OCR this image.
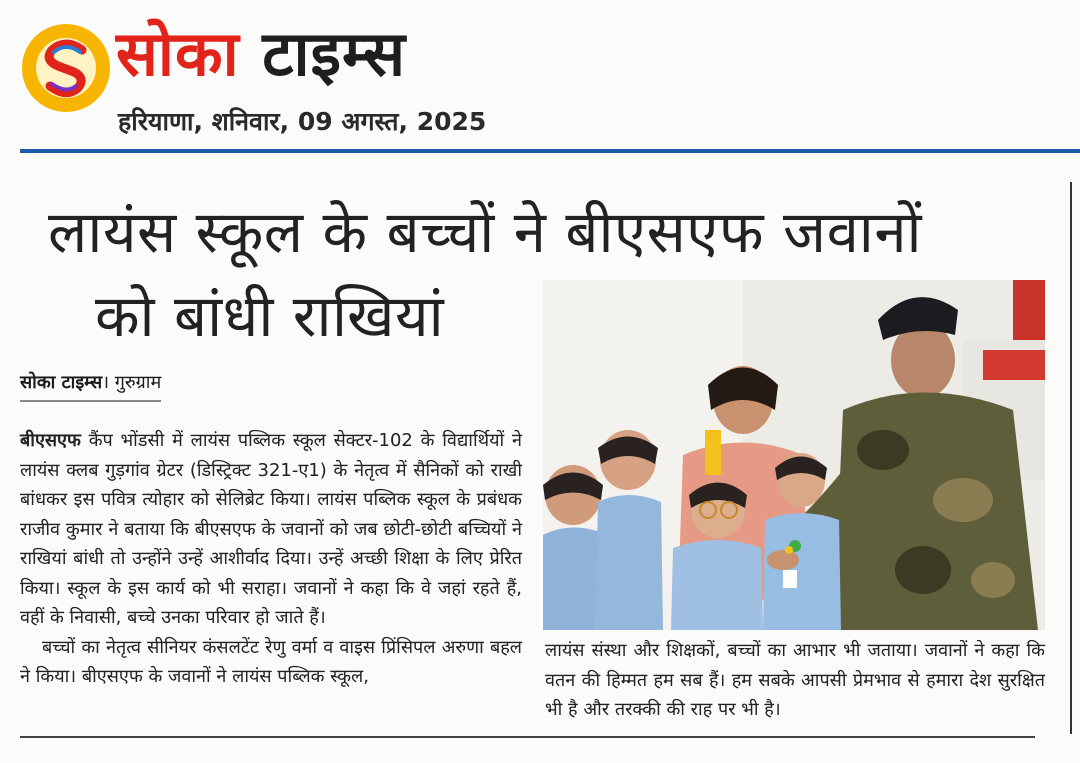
सोका टाइम्स
हरियाणा, शनिवार, 09 अगस्त, 2025
लायंस स्कूल के बच्चों ने बीएसएफ जवानों
को बांधी राखियां
सोका टाइम्स। गुरुग्राम

बीएसएफ कैंप भोंडसी में लायंस पब्लिक स्कूल सेक्टर-102 के विद्यार्थियों ने लायंस क्लब गुड़गांव ग्रेटर (डिस्ट्रिक्ट 321-ए1) के नेतृत्व में सैनिकों को राखी बांधकर इस पवित्र त्योहार को सेलिब्रेट किया। लायंस पब्लिक स्कूल के प्रबंधक राजीव कुमार ने बताया कि बीएसएफ के जवानों को जब छोटी-छोटी बच्चियों ने राखियां बांधी तो उन्होंने उन्हें आशीर्वाद दिया। उन्हें अच्छी शिक्षा के लिए प्रेरित किया। स्कूल के इस कार्य को भी सराहा। जवानों ने कहा कि वे जहां रहते हैं, वहीं के निवासी, बच्चे उनका परिवार हो जाते हैं।

बच्चों का नेतृत्व सीनियर कंसलटेंट रेणु वर्मा व वाइस प्रिंसिपल अरुणा बहल ने किया। बीएसएफ के जवानों ने लायंस पब्लिक स्कूल,

लायंस संस्था और शिक्षकों, बच्चों का आभार भी जताया। जवानों ने कहा कि वतन की हिम्मत हम सब हैं। हम सबके आपसी प्रेमभाव से हमारा देश सुरक्षित भी है और तरक्की की राह पर भी है।
